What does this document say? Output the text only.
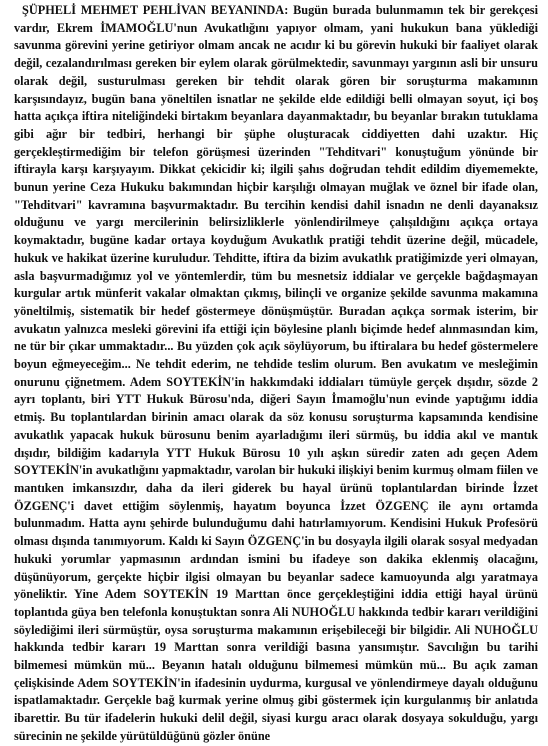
ŞÜPHELİ MEHMET PEHLİVAN BEYANINDA: Bugün burada bulunmamın tek bir gerekçesi vardır, Ekrem İMAMOĞLU'nun Avukatlığını yapıyor olmam, yani hukukun bana yüklediği savunma görevini yerine getiriyor olmam ancak ne acıdır ki bu görevin hukuki bir faaliyet olarak değil, cezalandırılması gereken bir eylem olarak görülmektedir, savunmayı yargının asli bir unsuru olarak değil, susturulması gereken bir tehdit olarak gören bir soruşturma makamının karşısındayız, bugün bana yöneltilen isnatlar ne şekilde elde edildiği belli olmayan soyut, içi boş hatta açıkça iftira niteliğindeki birtakım beyanlara dayanmaktadır, bu beyanlar bırakın tutuklama gibi ağır bir tedbiri, herhangi bir şüphe oluşturacak ciddiyetten dahi uzaktır. Hiç gerçekleştirmediğim bir telefon görüşmesi üzerinden "Tehditvari" konuştuğum yönünde bir iftirayla karşı karşıyayım. Dikkat çekicidir ki; ilgili şahıs doğrudan tehdit edildim diyememekte, bunun yerine Ceza Hukuku bakımından hiçbir karşılığı olmayan muğlak ve öznel bir ifade olan, "Tehditvari" kavramına başvurmaktadır. Bu tercihin kendisi dahil isnadın ne denli dayanaksız olduğunu ve yargı mercilerinin belirsizliklerle yönlendirilmeye çalışıldığını açıkça ortaya koymaktadır, bugüne kadar ortaya koyduğum Avukatlık pratiği tehdit üzerine değil, mücadele, hukuk ve hakikat üzerine kuruludur. Tehditte, iftira da bizim avukatlık pratiğimizde yeri olmayan, asla başvurmadığımız yol ve yöntemlerdir, tüm bu mesnetsiz iddialar ve gerçekle bağdaşmayan kurgular artık münferit vakalar olmaktan çıkmış, bilinçli ve organize şekilde savunma makamına yöneltilmiş, sistematik bir hedef göstermeye dönüşmüştür. Buradan açıkça sormak isterim, bir avukatın yalnızca mesleki görevini ifa ettiği için böylesine planlı biçimde hedef alınmasından kim, ne tür bir çıkar ummaktadır... Bu yüzden çok açık söylüyorum, bu iftiralara bu hedef göstermelere boyun eğmeyeceğim... Ne tehdit ederim, ne tehdide teslim olurum. Ben avukatım ve mesleğimin onurunu çiğnetmem. Adem SOYTEKİN'in hakkımdaki iddiaları tümüyle gerçek dışıdır, sözde 2 ayrı toplantı, biri YTT Hukuk Bürosu'nda, diğeri Sayın İmamoğlu'nun evinde yaptığımı iddia etmiş. Bu toplantılardan birinin amacı olarak da söz konusu soruşturma kapsamında kendisine avukatlık yapacak hukuk bürosunu benim ayarladığımı ileri sürmüş, bu iddia akıl ve mantık dışıdır, bildiğim kadarıyla YTT Hukuk Bürosu 10 yılı aşkın süredir zaten adı geçen Adem SOYTEKİN'in avukatlığını yapmaktadır, varolan bir hukuki ilişkiyi benim kurmuş olmam fiilen ve mantıken imkansızdır, daha da ileri giderek bu hayal ürünü toplantılardan birinde İzzet ÖZGENÇ'i davet ettiğim söylenmiş, hayatım boyunca İzzet ÖZGENÇ ile aynı ortamda bulunmadım. Hatta aynı şehirde bulunduğumu dahi hatırlamıyorum. Kendisini Hukuk Profesörü olması dışında tanımıyorum. Kaldı ki Sayın ÖZGENÇ'in bu dosyayla ilgili olarak sosyal medyadan hukuki yorumlar yapmasının ardından ismini bu ifadeye son dakika eklenmiş olacağını, düşünüyorum, gerçekte hiçbir ilgisi olmayan bu beyanlar sadece kamuoyunda algı yaratmaya yöneliktir. Yine Adem SOYTEKİN 19 Marttan önce gerçekleştiğini iddia ettiği hayal ürünü toplantıda güya ben telefonla konuştuktan sonra Ali NUHOĞLU hakkında tedbir kararı verildiğini söylediğimi ileri sürmüştür, oysa soruşturma makamının erişebileceği bir bilgidir. Ali NUHOĞLU hakkında tedbir kararı 19 Marttan sonra verildiği basına yansımıştır. Savcılığın bu tarihi bilmemesi mümkün mü... Beyanın hatalı olduğunu bilmemesi mümkün mü... Bu açık zaman çelişkisinde Adem SOYTEKİN'in ifadesinin uydurma, kurgusal ve yönlendirmeye dayalı olduğunu ispatlamaktadır. Gerçekle bağ kurmak yerine olmuş gibi göstermek için kurgulanmış bir anlatıda ibarettir. Bu tür ifadelerin hukuki delil değil, siyasi kurgu aracı olarak dosyaya sokulduğu, yargı sürecinin ne şekilde yürütüldüğünü gözler önüne
